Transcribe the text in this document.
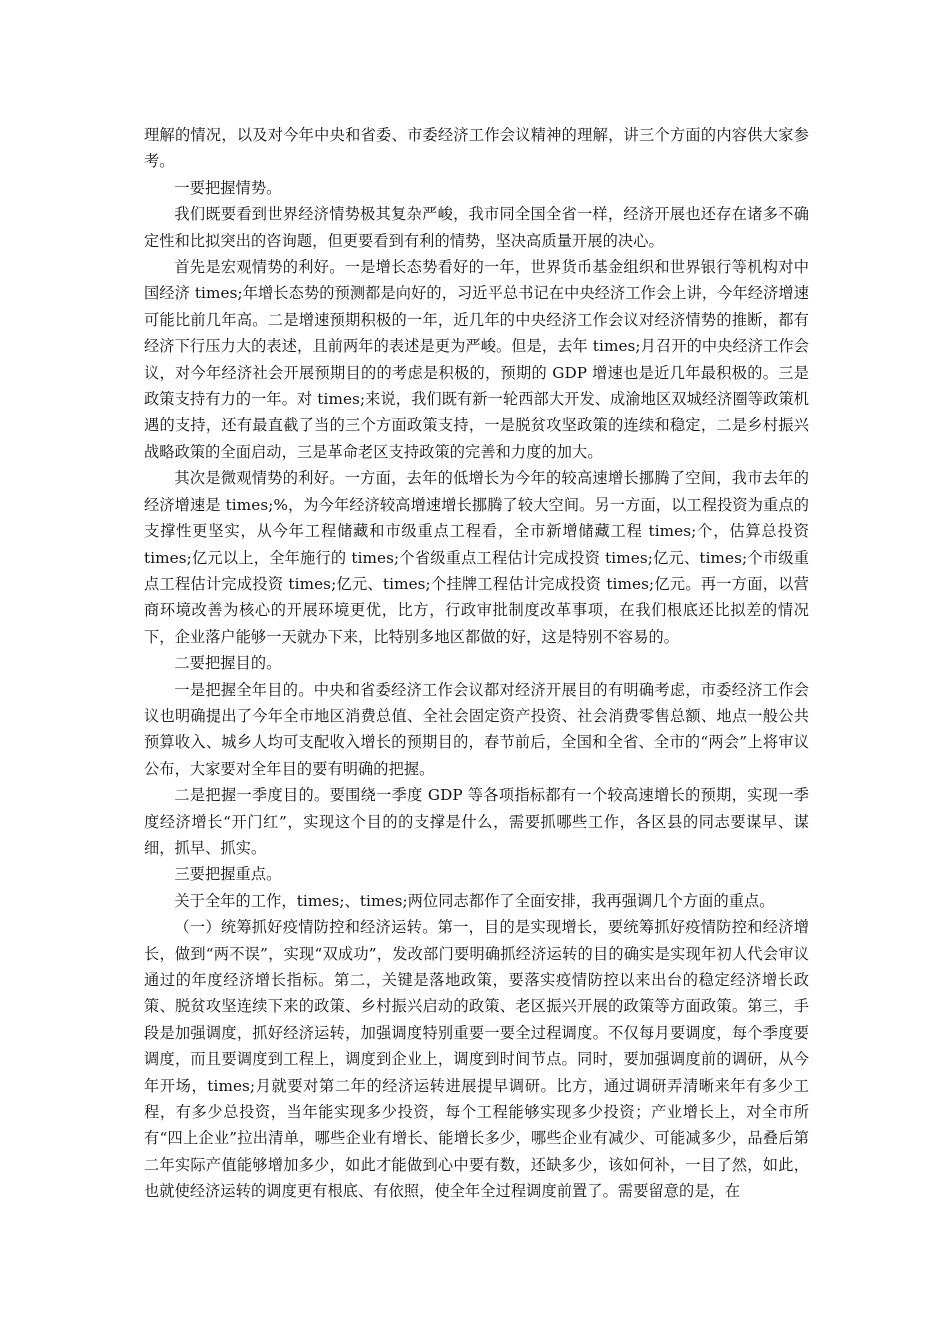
理解的情况，以及对今年中央和省委、市委经济工作会议精神的理解，讲三个方面的内容供大家参考。

一要把握情势。

我们既要看到世界经济情势极其复杂严峻，我市同全国全省一样，经济开展也还存在诸多不确定性和比拟突出的咨询题，但更要看到有利的情势，坚决高质量开展的决心。

首先是宏观情势的利好。一是增长态势看好的一年，世界货币基金组织和世界银行等机构对中国经济 times;年增长态势的预测都是向好的，习近平总书记在中央经济工作会上讲，今年经济增速可能比前几年高。二是增速预期积极的一年，近几年的中央经济工作会议对经济情势的推断，都有经济下行压力大的表述，且前两年的表述是更为严峻。但是，去年 times;月召开的中央经济工作会议，对今年经济社会开展预期目的的考虑是积极的，预期的 GDP 增速也是近几年最积极的。三是政策支持有力的一年。对 times;来说，我们既有新一轮西部大开发、成渝地区双城经济圈等政策机遇的支持，还有最直截了当的三个方面政策支持，一是脱贫攻坚政策的连续和稳定，二是乡村振兴战略政策的全面启动，三是革命老区支持政策的完善和力度的加大。

其次是微观情势的利好。一方面，去年的低增长为今年的较高速增长挪腾了空间，我市去年的经济增速是 times;%，为今年经济较高增速增长挪腾了较大空间。另一方面，以工程投资为重点的支撑性更坚实，从今年工程储藏和市级重点工程看，全市新增储藏工程 times;个，估算总投资 times;亿元以上，全年施行的 times;个省级重点工程估计完成投资 times;亿元、times;个市级重点工程估计完成投资 times;亿元、times;个挂牌工程估计完成投资 times;亿元。再一方面，以营商环境改善为核心的开展环境更优，比方，行政审批制度改革事项，在我们根底还比拟差的情况下，企业落户能够一天就办下来，比特别多地区都做的好，这是特别不容易的。

二要把握目的。

一是把握全年目的。中央和省委经济工作会议都对经济开展目的有明确考虑，市委经济工作会议也明确提出了今年全市地区消费总值、全社会固定资产投资、社会消费零售总额、地点一般公共预算收入、城乡人均可支配收入增长的预期目的，春节前后，全国和全省、全市的“两会”上将审议公布，大家要对全年目的要有明确的把握。

二是把握一季度目的。要围绕一季度 GDP 等各项指标都有一个较高速增长的预期，实现一季度经济增长“开门红”，实现这个目的的支撑是什么，需要抓哪些工作，各区县的同志要谋早、谋细，抓早、抓实。

三要把握重点。

关于全年的工作，times;、times;两位同志都作了全面安排，我再强调几个方面的重点。

（一）统筹抓好疫情防控和经济运转。第一，目的是实现增长，要统筹抓好疫情防控和经济增长，做到“两不误”，实现“双成功”，发改部门要明确抓经济运转的目的确实是实现年初人代会审议通过的年度经济增长指标。第二，关键是落地政策，要落实疫情防控以来出台的稳定经济增长政策、脱贫攻坚连续下来的政策、乡村振兴启动的政策、老区振兴开展的政策等方面政策。第三，手段是加强调度，抓好经济运转，加强调度特别重要一要全过程调度。不仅每月要调度，每个季度要调度，而且要调度到工程上，调度到企业上，调度到时间节点。同时，要加强调度前的调研，从今年开场，times;月就要对第二年的经济运转进展提早调研。比方，通过调研弄清晰来年有多少工程，有多少总投资，当年能实现多少投资，每个工程能够实现多少投资；产业增长上，对全市所有“四上企业”拉出清单，哪些企业有增长、能增长多少，哪些企业有减少、可能减多少，品叠后第二年实际产值能够增加多少，如此才能做到心中要有数，还缺多少，该如何补，一目了然，如此，也就使经济运转的调度更有根底、有依照，使全年全过程调度前置了。需要留意的是，在
